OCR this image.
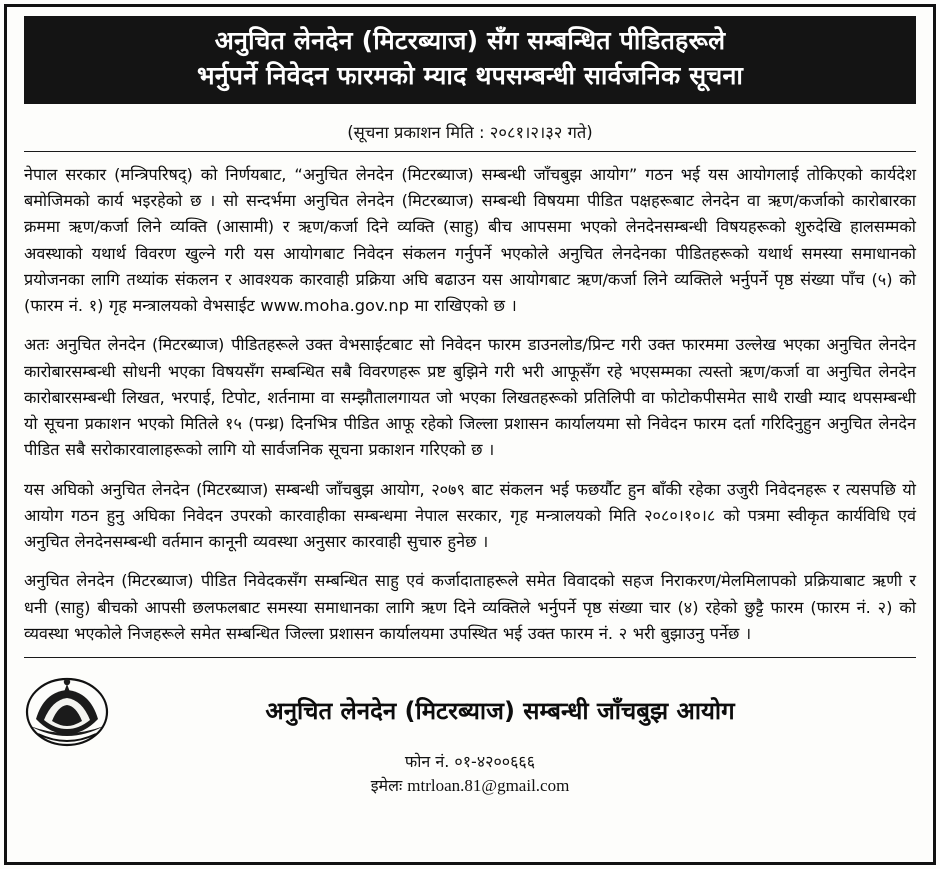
अनुचित लेनदेन (मिटरब्याज) सँग सम्बन्धित पीडितहरूले
भर्नुपर्ने निवेदन फारमको म्याद थपसम्बन्धी सार्वजनिक सूचना
(सूचना प्रकाशन मिति : २०८१।२।३२ गते)

नेपाल सरकार (मन्त्रिपरिषद्) को निर्णयबाट, “अनुचित लेनदेन (मिटरब्याज) सम्बन्धी जाँचबुझ आयोग” गठन भई यस आयोगलाई तोकिएको कार्यदेश बमोजिमको कार्य भइरहेको छ । सो सन्दर्भमा अनुचित लेनदेन (मिटरब्याज) सम्बन्धी विषयमा पीडित पक्षहरूबाट लेनदेन वा ऋण/कर्जाको कारोबारका क्रममा ऋण/कर्जा लिने व्यक्ति (आसामी) र ऋण/कर्जा दिने व्यक्ति (साहु) बीच आपसमा भएको लेनदेनसम्बन्धी विषयहरूको शुरुदेखि हालसम्मको अवस्थाको यथार्थ विवरण खुल्ने गरी यस आयोगबाट निवेदन संकलन गर्नुपर्ने भएकोले अनुचित लेनदेनका पीडितहरूको यथार्थ समस्या समाधानको प्रयोजनका लागि तथ्यांक संकलन र आवश्यक कारवाही प्रक्रिया अघि बढाउन यस आयोगबाट ऋण/कर्जा लिने व्यक्तिले भर्नुपर्ने पृष्ठ संख्या पाँच (५) को (फारम नं. १) गृह मन्त्रालयको वेभसाईट www.moha.gov.np मा राखिएको छ ।

अतः अनुचित लेनदेन (मिटरब्याज) पीडितहरूले उक्त वेभसाईटबाट सो निवेदन फारम डाउनलोड/प्रिन्ट गरी उक्त फारममा उल्लेख भएका अनुचित लेनदेन कारोबारसम्बन्धी सोधनी भएका विषयसँग सम्बन्धित सबै विवरणहरू प्रष्ट बुझिने गरी भरी आफूसँग रहे भएसम्मका त्यस्तो ऋण/कर्जा वा अनुचित लेनदेन कारोबारसम्बन्धी लिखत, भरपाई, टिपोट, शर्तनामा वा सम्झौतालगायत जो भएका लिखतहरूको प्रतिलिपी वा फोटोकपीसमेत साथै राखी म्याद थपसम्बन्धी यो सूचना प्रकाशन भएको मितिले १५ (पन्ध्र) दिनभित्र पीडित आफू रहेको जिल्ला प्रशासन कार्यालयमा सो निवेदन फारम दर्ता गरिदिनुहुन अनुचित लेनदेन पीडित सबै सरोकारवालाहरूको लागि यो सार्वजनिक सूचना प्रकाशन गरिएको छ ।

यस अघिको अनुचित लेनदेन (मिटरब्याज) सम्बन्धी जाँचबुझ आयोग, २०७९ बाट संकलन भई फछर्यौट हुन बाँकी रहेका उजुरी निवेदनहरू र त्यसपछि यो आयोग गठन हुनु अघिका निवेदन उपरको कारवाहीका सम्बन्धमा नेपाल सरकार, गृह मन्त्रालयको मिति २०८०।१०।८ को पत्रमा स्वीकृत कार्यविधि एवं अनुचित लेनदेनसम्बन्धी वर्तमान कानूनी व्यवस्था अनुसार कारवाही सुचारु हुनेछ ।

अनुचित लेनदेन (मिटरब्याज) पीडित निवेदकसँग सम्बन्धित साहु एवं कर्जादाताहरूले समेत विवादको सहज निराकरण/मेलमिलापको प्रक्रियाबाट ऋणी र धनी (साहु) बीचको आपसी छलफलबाट समस्या समाधानका लागि ऋण दिने व्यक्तिले भर्नुपर्ने पृष्ठ संख्या चार (४) रहेको छुट्टै फारम (फारम नं. २) को व्यवस्था भएकोले निजहरूले समेत सम्बन्धित जिल्ला प्रशासन कार्यालयमा उपस्थित भई उक्त फारम नं. २ भरी बुझाउनु पर्नेछ ।

अनुचित लेनदेन (मिटरब्याज) सम्बन्धी जाँचबुझ आयोग
फोन नं. ०१-४२००६६६
इमेलः mtrloan.81@gmail.com
